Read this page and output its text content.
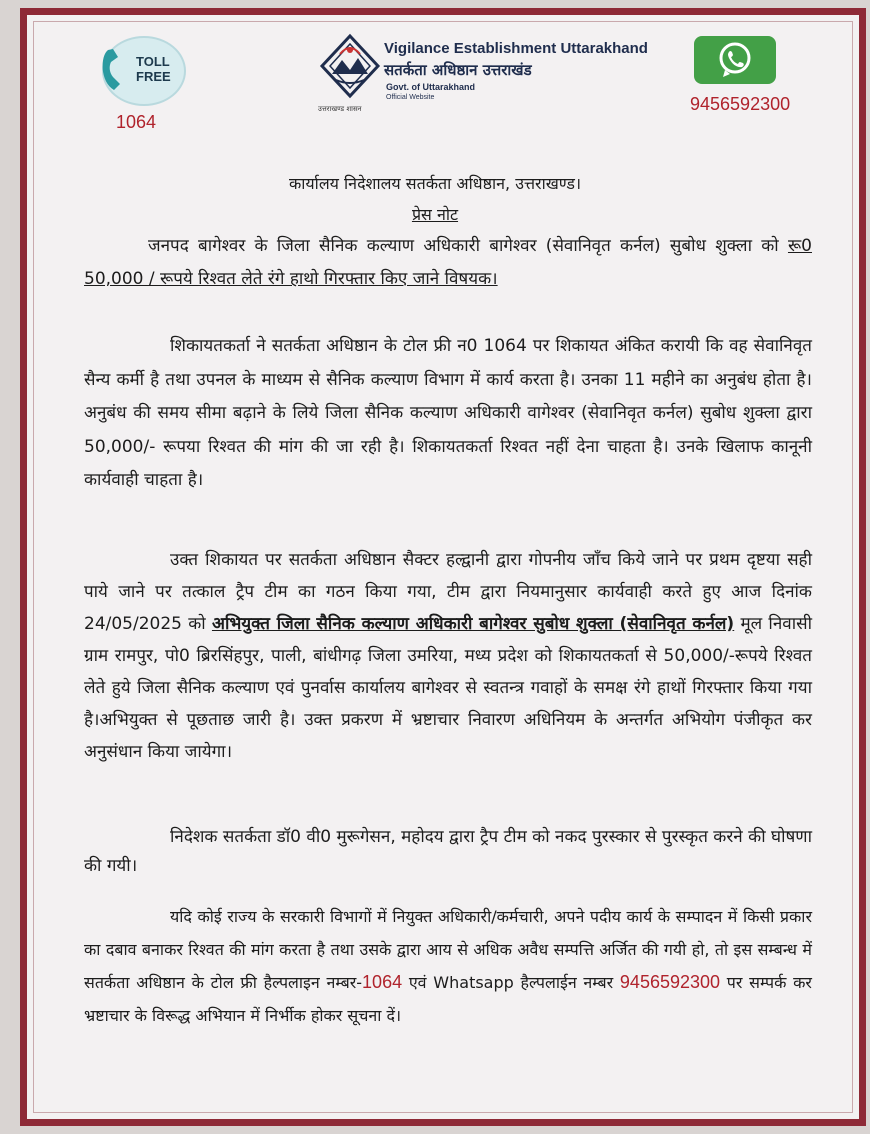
TOLL
FREE
1064
उत्तराखण्ड शासन
Vigilance Establishment Uttarakhand
सतर्कता अधिष्ठान उत्तराखंड
Govt. of Uttarakhand
Official Website	9456592300
कार्यालय निदेशालय सतर्कता अधिष्ठान, उत्तराखण्ड।
प्रेस नोट
जनपद बागेश्वर के जिला सैनिक कल्याण अधिकारी बागेश्वर (सेवानिवृत कर्नल) सुबोध शुक्ला को रू0 50,000 / रूपये रिश्वत लेते रंगे हाथो गिरफ्तार किए जाने विषयक।
शिकायतकर्ता ने सतर्कता अधिष्ठान के टोल फ्री न0 1064 पर शिकायत अंकित करायी कि वह सेवानिवृत सैन्य कर्मी है तथा उपनल के माध्यम से सैनिक कल्याण विभाग में कार्य करता है। उनका 11 महीने का अनुबंध होता है। अनुबंध की समय सीमा बढ़ाने के लिये जिला सैनिक कल्याण अधिकारी वागेश्वर (सेवानिवृत कर्नल) सुबोध शुक्ला द्वारा 50,000/- रूपया रिश्वत की मांग की जा रही है। शिकायतकर्ता रिश्वत नहीं देना चाहता है। उनके खिलाफ कानूनी कार्यवाही चाहता है।
उक्त शिकायत पर सतर्कता अधिष्ठान सैक्टर हल्द्वानी द्वारा गोपनीय जाँच किये जाने पर प्रथम दृष्टया सही पाये जाने पर तत्काल ट्रैप टीम का गठन किया गया, टीम द्वारा नियमानुसार कार्यवाही करते हुए आज दिनांक 24/05/2025 को अभियुक्त जिला सैनिक कल्याण अधिकारी बागेश्वर सुबोध शुक्ला (सेवानिवृत कर्नल) मूल निवासी ग्राम रामपुर, पो0 ब्रिरसिंहपुर, पाली, बांधीगढ़ जिला उमरिया, मध्य प्रदेश को शिकायतकर्ता से 50,000/-रूपये रिश्वत लेते हुये जिला सैनिक कल्याण एवं पुनर्वास कार्यालय बागेश्वर से स्वतन्त्र गवाहों के समक्ष रंगे हाथों गिरफ्तार किया गया है।अभियुक्त से पूछताछ जारी है। उक्त प्रकरण में भ्रष्टाचार निवारण अधिनियम के अन्तर्गत अभियोग पंजीकृत कर अनुसंधान किया जायेगा।
निदेशक सतर्कता डॉ0 वी0 मुरूगेसन, महोदय द्वारा ट्रैप टीम को नकद पुरस्कार से पुरस्कृत करने की घोषणा की गयी।
यदि कोई राज्य के सरकारी विभागों में नियुक्त अधिकारी/कर्मचारी, अपने पदीय कार्य के सम्पादन में किसी प्रकार का दबाव बनाकर रिश्वत की मांग करता है तथा उसके द्वारा आय से अधिक अवैध सम्पत्ति अर्जित की गयी हो, तो इस सम्बन्ध में सतर्कता अधिष्ठान के टोल फ्री हैल्पलाइन नम्बर-1064 एवं Whatsapp हैल्पलाईन नम्बर 9456592300 पर सम्पर्क कर भ्रष्टाचार के विरूद्ध अभियान में निर्भीक होकर सूचना दें।
